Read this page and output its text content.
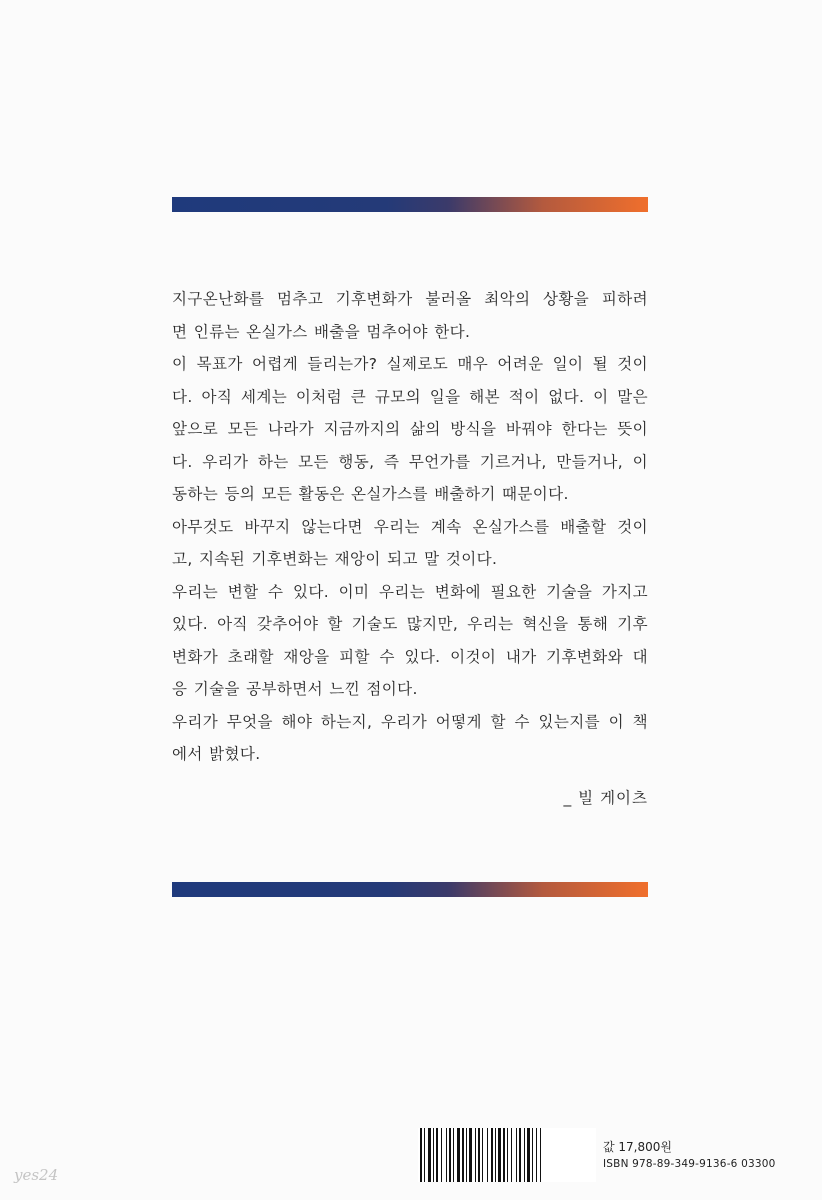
지구온난화를 멈추고 기후변화가 불러올 최악의 상황을 피하려
면 인류는 온실가스 배출을 멈추어야 한다.
이 목표가 어렵게 들리는가? 실제로도 매우 어려운 일이 될 것이
다. 아직 세계는 이처럼 큰 규모의 일을 해본 적이 없다. 이 말은
앞으로 모든 나라가 지금까지의 삶의 방식을 바꿔야 한다는 뜻이
다. 우리가 하는 모든 행동, 즉 무언가를 기르거나, 만들거나, 이
동하는 등의 모든 활동은 온실가스를 배출하기 때문이다.
아무것도 바꾸지 않는다면 우리는 계속 온실가스를 배출할 것이
고, 지속된 기후변화는 재앙이 되고 말 것이다.
우리는 변할 수 있다. 이미 우리는 변화에 필요한 기술을 가지고
있다. 아직 갖추어야 할 기술도 많지만, 우리는 혁신을 통해 기후
변화가 초래할 재앙을 피할 수 있다. 이것이 내가 기후변화와 대
응 기술을 공부하면서 느낀 점이다.
우리가 무엇을 해야 하는지, 우리가 어떻게 할 수 있는지를 이 책
에서 밝혔다.
_ 빌 게이츠
값 17,800원
ISBN 978-89-349-9136-6 03300
yes24
